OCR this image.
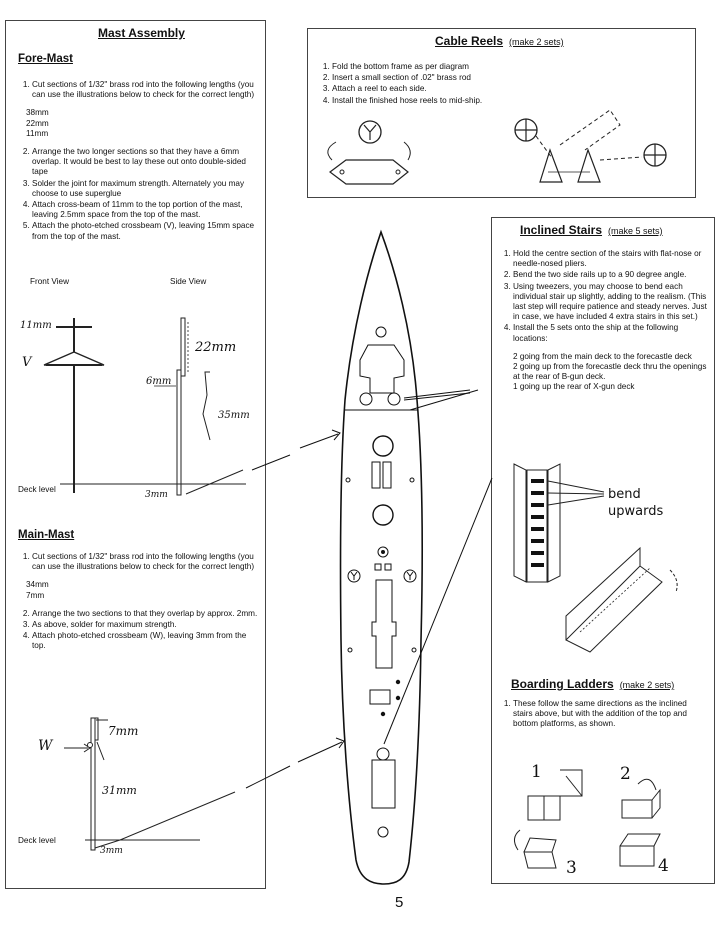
Mast Assembly
Fore-Mast
1. Cut sections of 1/32" brass rod into the following lengths (you can use the illustrations below to check for the correct length)
38mm
22mm
11mm
2. Arrange the two longer sections so that they have a 6mm overlap. It would be best to lay these out onto double-sided tape
3. Solder the joint for maximum strength. Alternately you may choose to use superglue
4. Attach cross-beam of 11mm to the top portion of the mast, leaving 2.5mm space from the top of the mast.
5. Attach the photo-etched crossbeam (V), leaving 15mm space from the top of the mast.
Front View	Side View
11mm
V
22mm
6mm
35mm
3mm
Deck level
Main-Mast
1. Cut sections of 1/32" brass rod into the following lengths (you can use the illustrations below to check for the correct length)
34mm
7mm
2. Arrange the two sections to that they overlap by approx. 2mm.
3. As above, solder for maximum strength.
4. Attach photo-etched crossbeam (W), leaving 3mm from the top.
W
7mm
31mm
3mm
Deck level
Cable Reels (make 2 sets)
1. Fold the bottom frame as per diagram
2. Insert a small section of .02" brass rod
3. Attach a reel to each side.
4. Install the finished hose reels to mid-ship.
Inclined Stairs (make 5 sets)
1. Hold the centre section of the stairs with flat-nose or needle-nosed pliers.
2. Bend the two side rails up to a 90 degree angle.
3. Using tweezers, you may choose to bend each individual stair up slightly, adding to the realism. (This last step will require patience and steady nerves. Just in case, we have included 4 extra stairs in this set.)
4. Install the 5 sets onto the ship at the following locations:
2 going from the main deck to the forecastle deck
2 going up from the forecastle deck thru the openings at the rear of B-gun deck.
1 going up the rear of X-gun deck
bend upwards
Boarding Ladders (make 2 sets)
1. These follow the same directions as the inclined stairs above, but with the addition of the top and bottom platforms, as shown.
1	2
3	4
5
